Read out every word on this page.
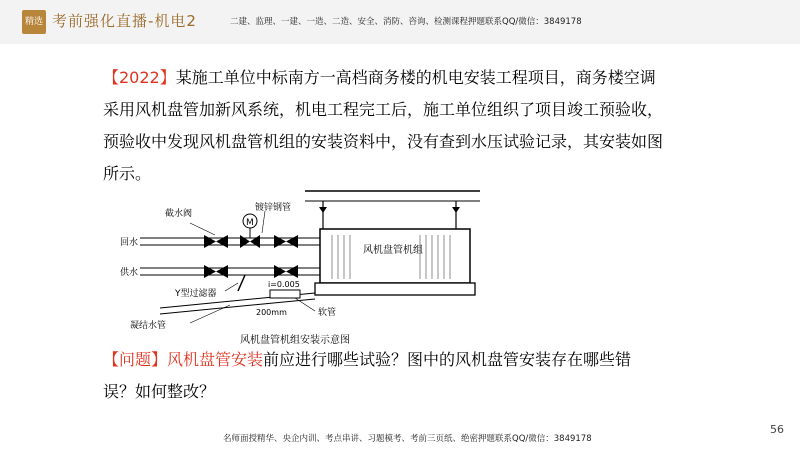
精选 考前强化直播-机电2	二建、监理、一建、一造、二造、安全、消防、咨询、检测课程押题联系QQ/微信：3849178
【2022】某施工单位中标南方一高档商务楼的机电安装工程项目，商务楼空调采用风机盘管加新风系统，机电工程完工后，施工单位组织了项目竣工预验收，预验收中发现风机盘管机组的安装资料中，没有查到水压试验记录，其安装如图所示。
风机盘管机组
M
截水阀
镀锌钢管
回水
供水
Y型过滤器
i=0.005
凝结水管
200mm	软管
风机盘管机组安装示意图
【问题】风机盘管安装前应进行哪些试验？图中的风机盘管安装存在哪些错误？如何整改？
56
名师面授精华、央企内训、考点串讲、习题模考、考前三页纸、绝密押题联系QQ/微信：3849178
